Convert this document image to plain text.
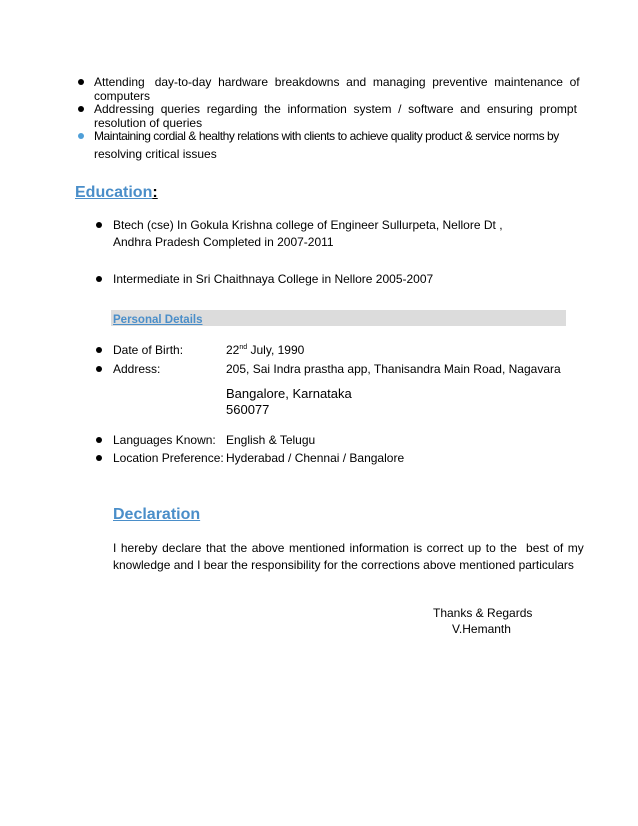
Attending   day-to-day  hardware  breakdowns  and  managing  preventive  maintenance  of
computers
Addressing  queries  regarding  the  information  system  /  software  and  ensuring  prompt
resolution of queries
Maintaining cordial & healthy relations with clients to achieve quality product & service norms by
resolving critical issues
Education:
Btech (cse) In Gokula Krishna college of Engineer Sullurpeta, Nellore Dt ,
Andhra Pradesh Completed in 2007-2011
Intermediate in Sri Chaithnaya College in Nellore 2005-2007
Personal Details
Date of Birth:	22nd July, 1990
Address:	205, Sai Indra prastha app, Thanisandra Main Road, Nagavara
Bangalore, Karnataka
560077
Languages Known: English & Telugu
Location Preference: Hyderabad / Chennai / Bangalore
Declaration
I hereby declare that the above mentioned information is correct up to the  best of my
knowledge and I bear the responsibility for the corrections above mentioned particulars
Thanks & Regards
V.Hemanth
